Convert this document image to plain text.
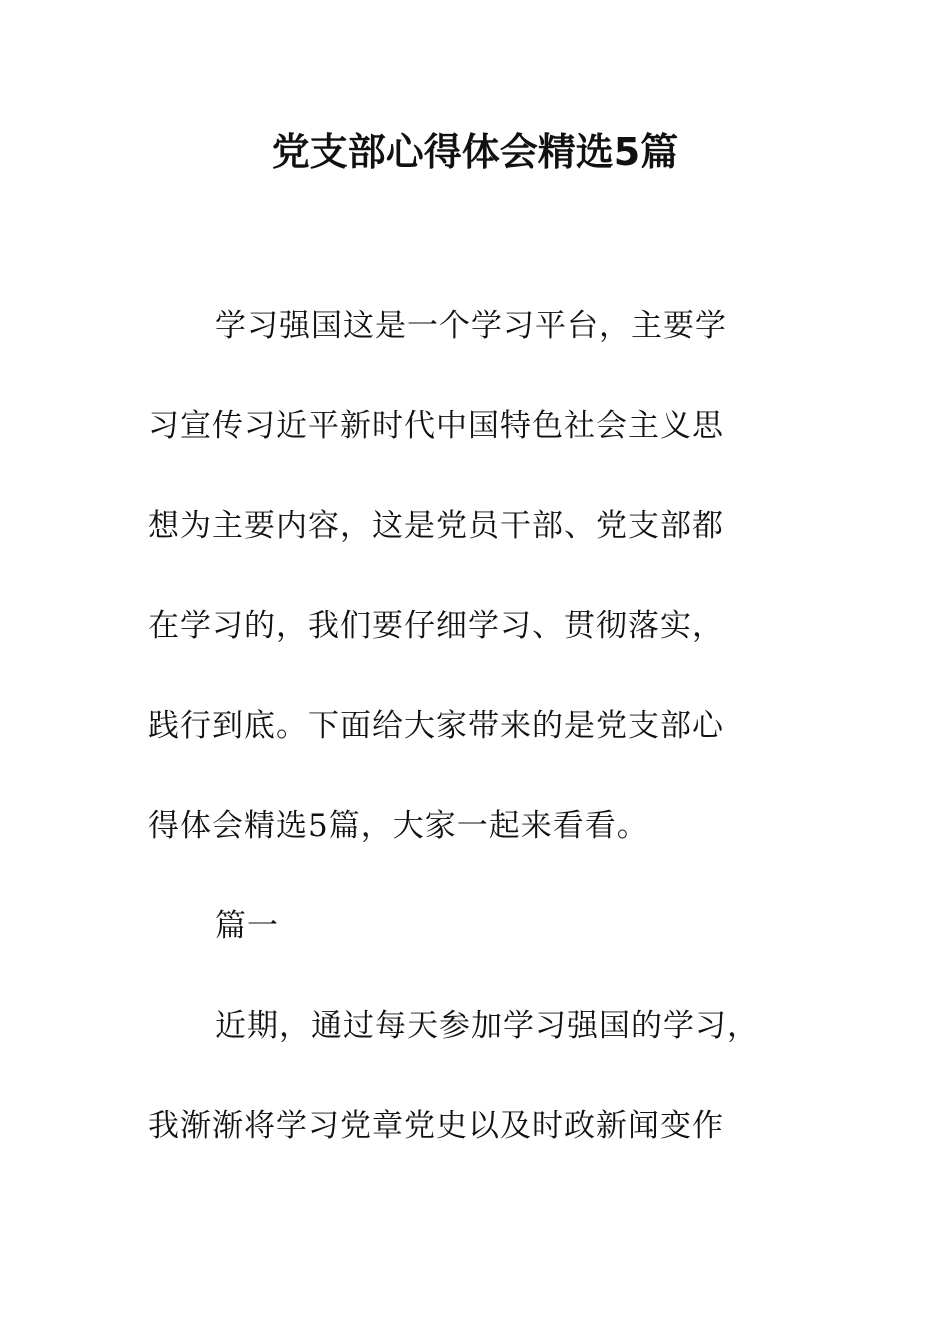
党支部心得体会精选5篇
学习强国这是一个学习平台，主要学
习宣传习近平新时代中国特色社会主义思
想为主要内容，这是党员干部、党支部都
在学习的，我们要仔细学习、贯彻落实，
践行到底。下面给大家带来的是党支部心
得体会精选5篇，大家一起来看看。
篇一
近期，通过每天参加学习强国的学习，
我渐渐将学习党章党史以及时政新闻变作
